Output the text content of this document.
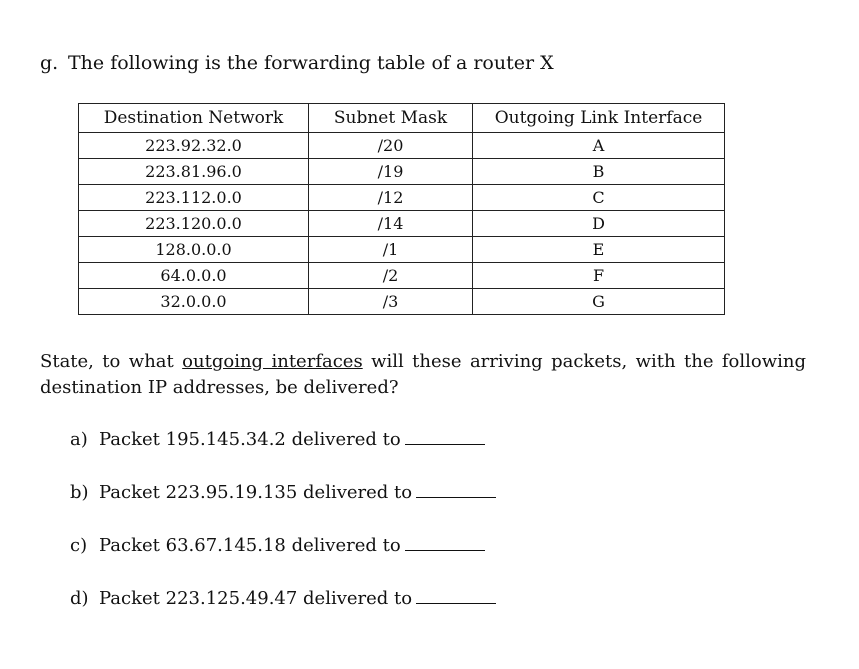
g. The following is the forwarding table of a router X
Destination Network	Subnet Mask	Outgoing Link Interface
223.92.32.0	/20	A
223.81.96.0	/19	B
223.112.0.0	/12	C
223.120.0.0	/14	D
128.0.0.0	/1	E
64.0.0.0	/2	F
32.0.0.0	/3	G
State, to what outgoing interfaces will these arriving packets, with the following destination IP addresses, be delivered?
a) Packet 195.145.34.2 delivered to
b) Packet 223.95.19.135 delivered to
c) Packet 63.67.145.18 delivered to
d) Packet 223.125.49.47 delivered to
